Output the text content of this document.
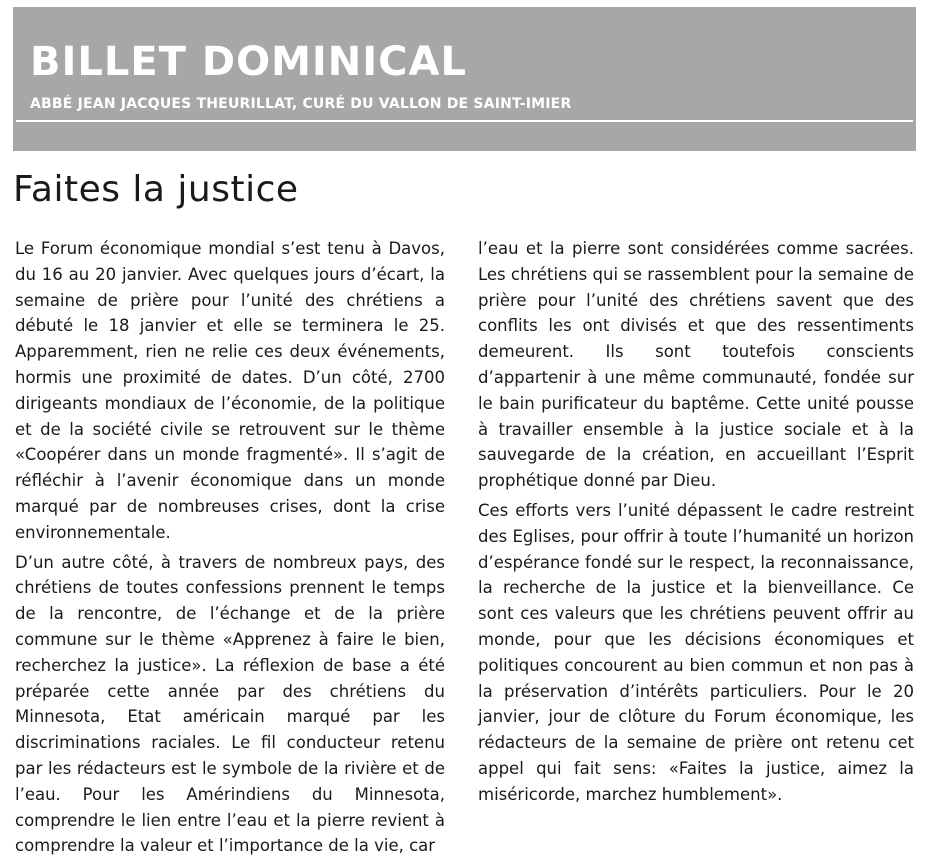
BILLET DOMINICAL
ABBÉ JEAN JACQUES THEURILLAT, CURÉ DU VALLON DE SAINT-IMIER
Faites la justice

Le Forum économique mondial s’est tenu à Davos, du 16 au 20 janvier. Avec quelques jours d’écart, la semaine de prière pour l’unité des chrétiens a débuté le 18 janvier et elle se terminera le 25. Apparemment, rien ne relie ces deux événements, hormis une proximité de dates. D’un côté, 2700 dirigeants mondiaux de l’économie, de la politique et de la société civile se retrouvent sur le thème «Coopérer dans un monde fragmenté». Il s’agit de réfléchir à l’avenir économique dans un monde marqué par de nombreuses crises, dont la crise environnementale.

D’un autre côté, à travers de nombreux pays, des chrétiens de toutes confessions prennent le temps de la rencontre, de l’échange et de la prière commune sur le thème «Apprenez à faire le bien, recherchez la justice». La réflexion de base a été préparée cette année par des chrétiens du Minnesota, Etat américain marqué par les discriminations raciales. Le fil conducteur retenu par les rédacteurs est le symbole de la rivière et de l’eau. Pour les Amérindiens du Minnesota, comprendre le lien entre l’eau et la pierre revient à comprendre la valeur et l’importance de la vie, car

l’eau et la pierre sont considérées comme sacrées. Les chrétiens qui se rassemblent pour la semaine de prière pour l’unité des chrétiens savent que des conflits les ont divisés et que des ressentiments demeurent. Ils sont toutefois conscients d’appartenir à une même communauté, fondée sur le bain purificateur du baptême. Cette unité pousse à travailler ensemble à la justice sociale et à la sauvegarde de la création, en accueillant l’Esprit prophétique donné par Dieu.

Ces efforts vers l’unité dépassent le cadre restreint des Eglises, pour offrir à toute l’humanité un horizon d’espérance fondé sur le respect, la reconnaissance, la recherche de la justice et la bienveillance. Ce sont ces valeurs que les chrétiens peuvent offrir au monde, pour que les décisions économiques et politiques concourent au bien commun et non pas à la préservation d’intérêts particuliers. Pour le 20 janvier, jour de clôture du Forum économique, les rédacteurs de la semaine de prière ont retenu cet appel qui fait sens: «Faites la justice, aimez la miséricorde, marchez humblement».
